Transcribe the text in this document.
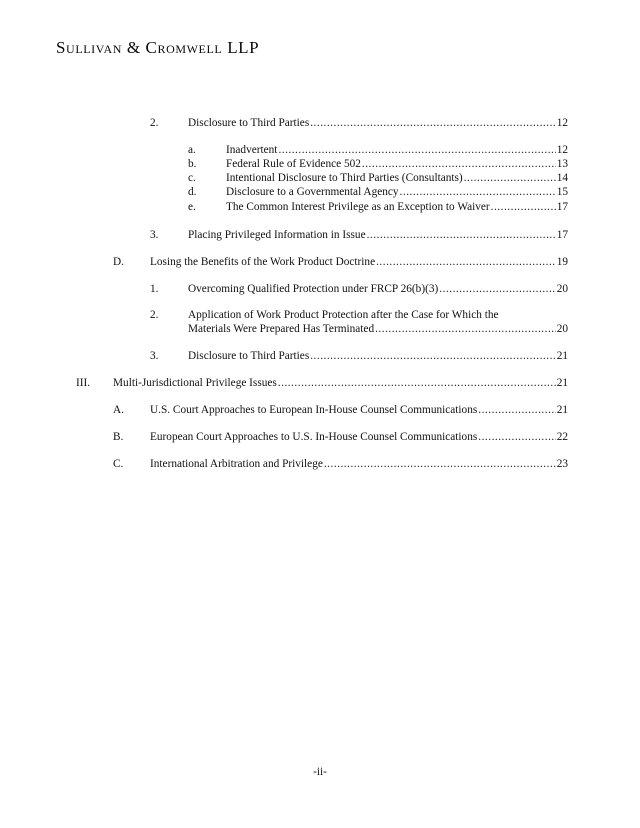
Sullivan & Cromwell LLP
2.	Disclosure to Third Parties .....	12
a.	Inadvertent .....	12
b.	Federal Rule of Evidence 502 .....	13
c.	Intentional Disclosure to Third Parties (Consultants) .....	14
d.	Disclosure to a Governmental Agency .....	15
e.	The Common Interest Privilege as an Exception to Waiver .....	17
3.	Placing Privileged Information in Issue .....	17
D. Losing the Benefits of the Work Product Doctrine .....	19
1.	Overcoming Qualified Protection under FRCP 26(b)(3) .....	20
2.	Application of Work Product Protection after the Case for Which the
Materials Were Prepared Has Terminated .....	20
3.	Disclosure to Third Parties .....	21
III. Multi-Jurisdictional Privilege Issues .....	21
A. U.S. Court Approaches to European In-House Counsel Communications .....	21
B. European Court Approaches to U.S. In-House Counsel Communications .....	22
C. International Arbitration and Privilege .....	23
-ii-
